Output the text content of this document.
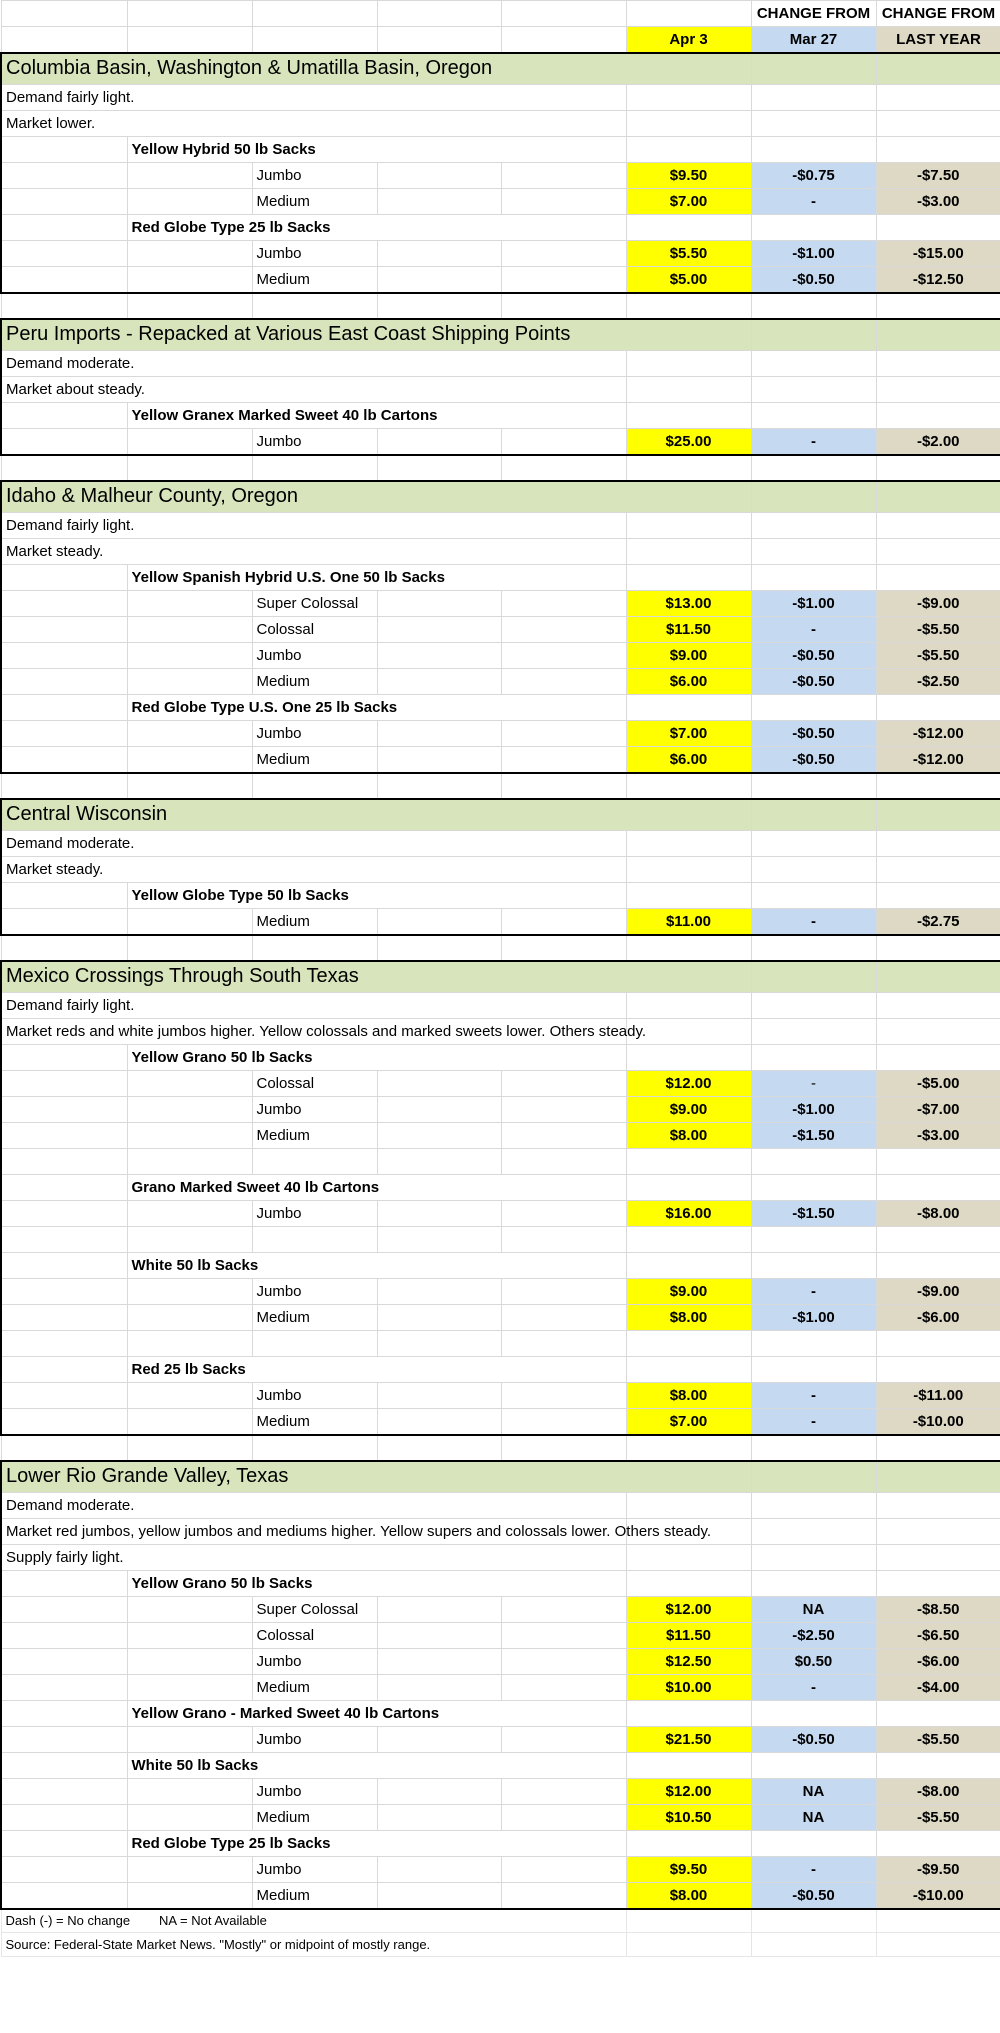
						CHANGE FROM	CHANGE FROM
					Apr 3	Mar 27	LAST YEAR
Columbia Basin, Washington & Umatilla Basin, Oregon							
Demand fairly light.							
Market lower.							
	Yellow Hybrid 50 lb Sacks						
		Jumbo			$9.50	-$0.75	-$7.50
		Medium			$7.00	-	-$3.00
	Red Globe Type 25 lb Sacks						
		Jumbo			$5.50	-$1.00	-$15.00
		Medium			$5.00	-$0.50	-$12.50

Peru Imports - Repacked at Various East Coast Shipping Points							
Demand moderate.							
Market about steady.							
	Yellow Granex Marked Sweet 40 lb Cartons						
		Jumbo			$25.00	-	-$2.00

Idaho & Malheur County, Oregon							
Demand fairly light.							
Market steady.							
	Yellow Spanish Hybrid U.S. One 50 lb Sacks						
		Super Colossal			$13.00	-$1.00	-$9.00
		Colossal			$11.50	-	-$5.50
		Jumbo			$9.00	-$0.50	-$5.50
		Medium			$6.00	-$0.50	-$2.50
	Red Globe Type U.S. One 25 lb Sacks						
		Jumbo			$7.00	-$0.50	-$12.00
		Medium			$6.00	-$0.50	-$12.00

Central Wisconsin							
Demand moderate.							
Market steady.							
	Yellow Globe Type 50 lb Sacks						
		Medium			$11.00	-	-$2.75

Mexico Crossings Through South Texas							
Demand fairly light.							
Market reds and white jumbos higher. Yellow colossals and marked sweets lower. Others steady.							
	Yellow Grano 50 lb Sacks						
		Colossal			$12.00	-	-$5.00
		Jumbo			$9.00	-$1.00	-$7.00
		Medium			$8.00	-$1.50	-$3.00

	Grano Marked Sweet 40 lb Cartons						
		Jumbo			$16.00	-$1.50	-$8.00

	White 50 lb Sacks						
		Jumbo			$9.00	-	-$9.00
		Medium			$8.00	-$1.00	-$6.00

	Red 25 lb Sacks						
		Jumbo			$8.00	-	-$11.00
		Medium			$7.00	-	-$10.00

Lower Rio Grande Valley, Texas							
Demand moderate.							
Market red jumbos, yellow jumbos and mediums higher. Yellow supers and colossals lower. Others steady.							
Supply fairly light.							
	Yellow Grano 50 lb Sacks						
		Super Colossal			$12.00	NA	-$8.50
		Colossal			$11.50	-$2.50	-$6.50
		Jumbo			$12.50	$0.50	-$6.00
		Medium			$10.00	-	-$4.00
	Yellow Grano - Marked Sweet 40 lb Cartons						
		Jumbo			$21.50	-$0.50	-$5.50
	White 50 lb Sacks						
		Jumbo			$12.00	NA	-$8.00
		Medium			$10.50	NA	-$5.50
	Red Globe Type 25 lb Sacks						
		Jumbo			$9.50	-	-$9.50
		Medium			$8.00	-$0.50	-$10.00
Dash (-) = No change        NA = Not Available							
Source: Federal-State Market News. "Mostly" or midpoint of mostly range.							
